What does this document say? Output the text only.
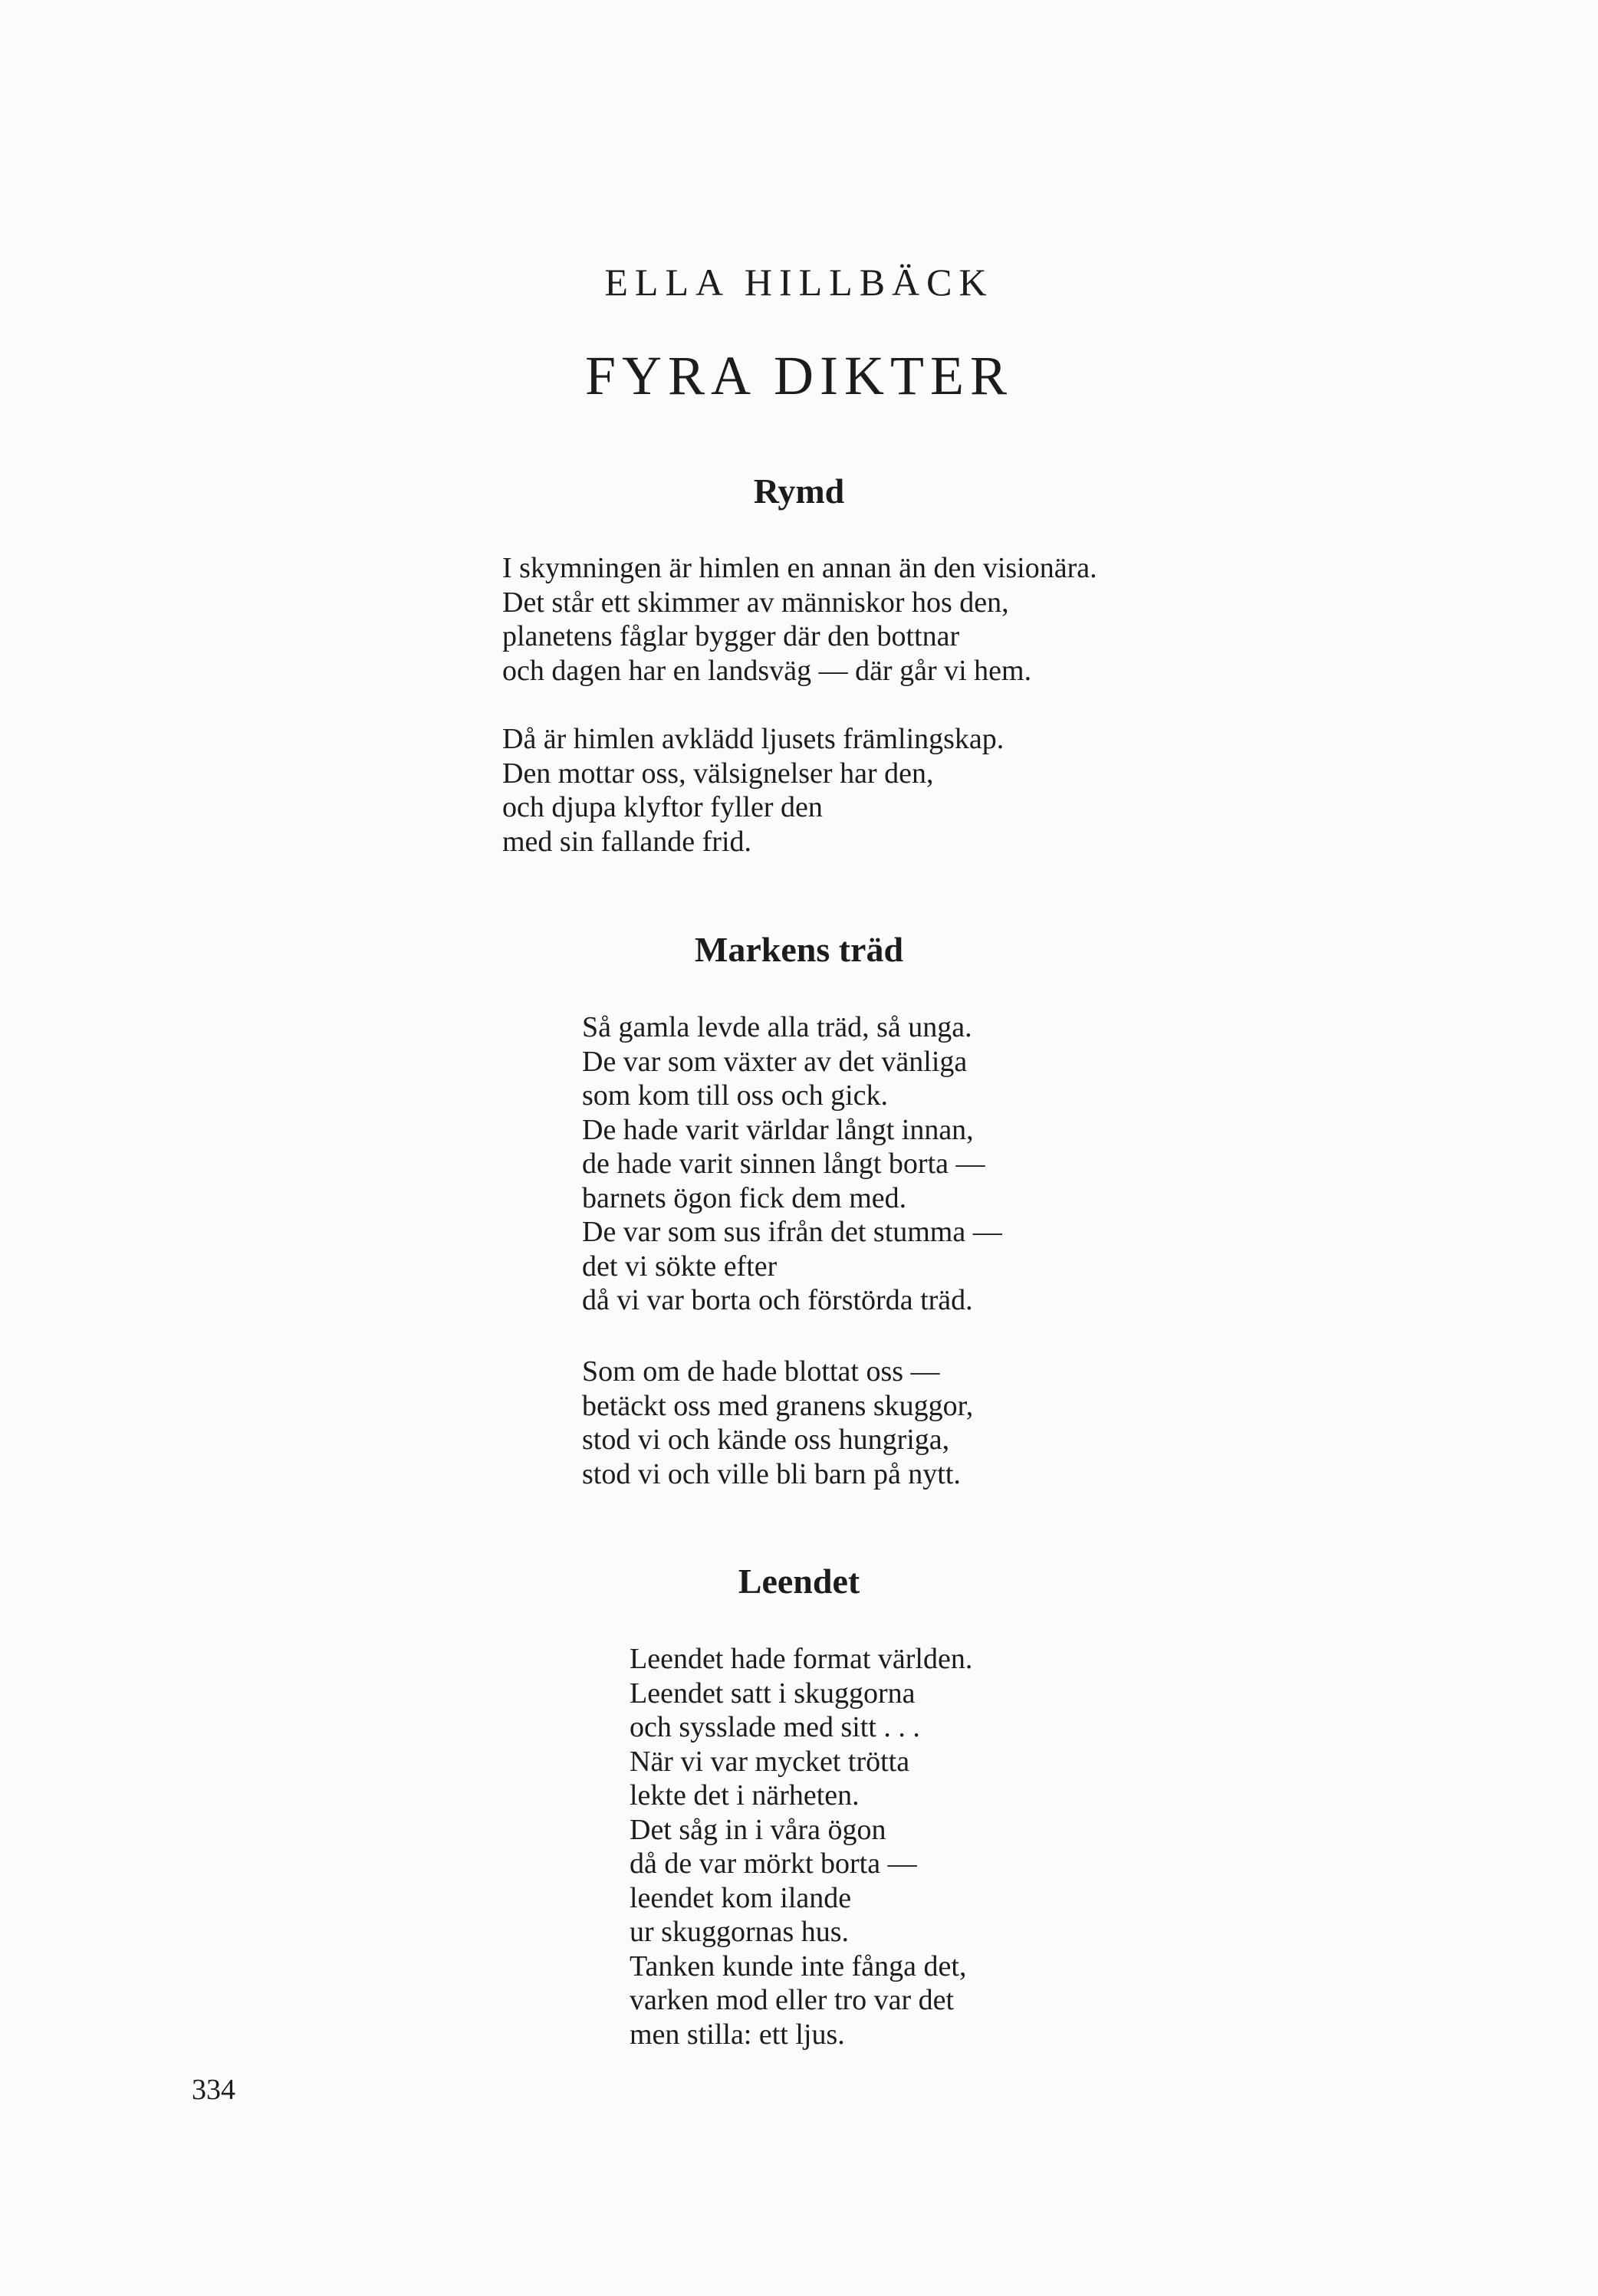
ELLA HILLBÄCK
FYRA DIKTER
Rymd
I skymningen är himlen en annan än den visionära.
Det står ett skimmer av människor hos den,
planetens fåglar bygger där den bottnar
och dagen har en landsväg — där går vi hem.
Då är himlen avklädd ljusets främlingskap.
Den mottar oss, välsignelser har den,
och djupa klyftor fyller den
med sin fallande frid.
Markens träd
Så gamla levde alla träd, så unga.
De var som växter av det vänliga
som kom till oss och gick.
De hade varit världar långt innan,
de hade varit sinnen långt borta —
barnets ögon fick dem med.
De var som sus ifrån det stumma —
det vi sökte efter
då vi var borta och förstörda träd.
Som om de hade blottat oss —
betäckt oss med granens skuggor,
stod vi och kände oss hungriga,
stod vi och ville bli barn på nytt.
Leendet
Leendet hade format världen.
Leendet satt i skuggorna
och sysslade med sitt . . .
När vi var mycket trötta
lekte det i närheten.
Det såg in i våra ögon
då de var mörkt borta —
leendet kom ilande
ur skuggornas hus.
Tanken kunde inte fånga det,
varken mod eller tro var det
men stilla: ett ljus.

334
